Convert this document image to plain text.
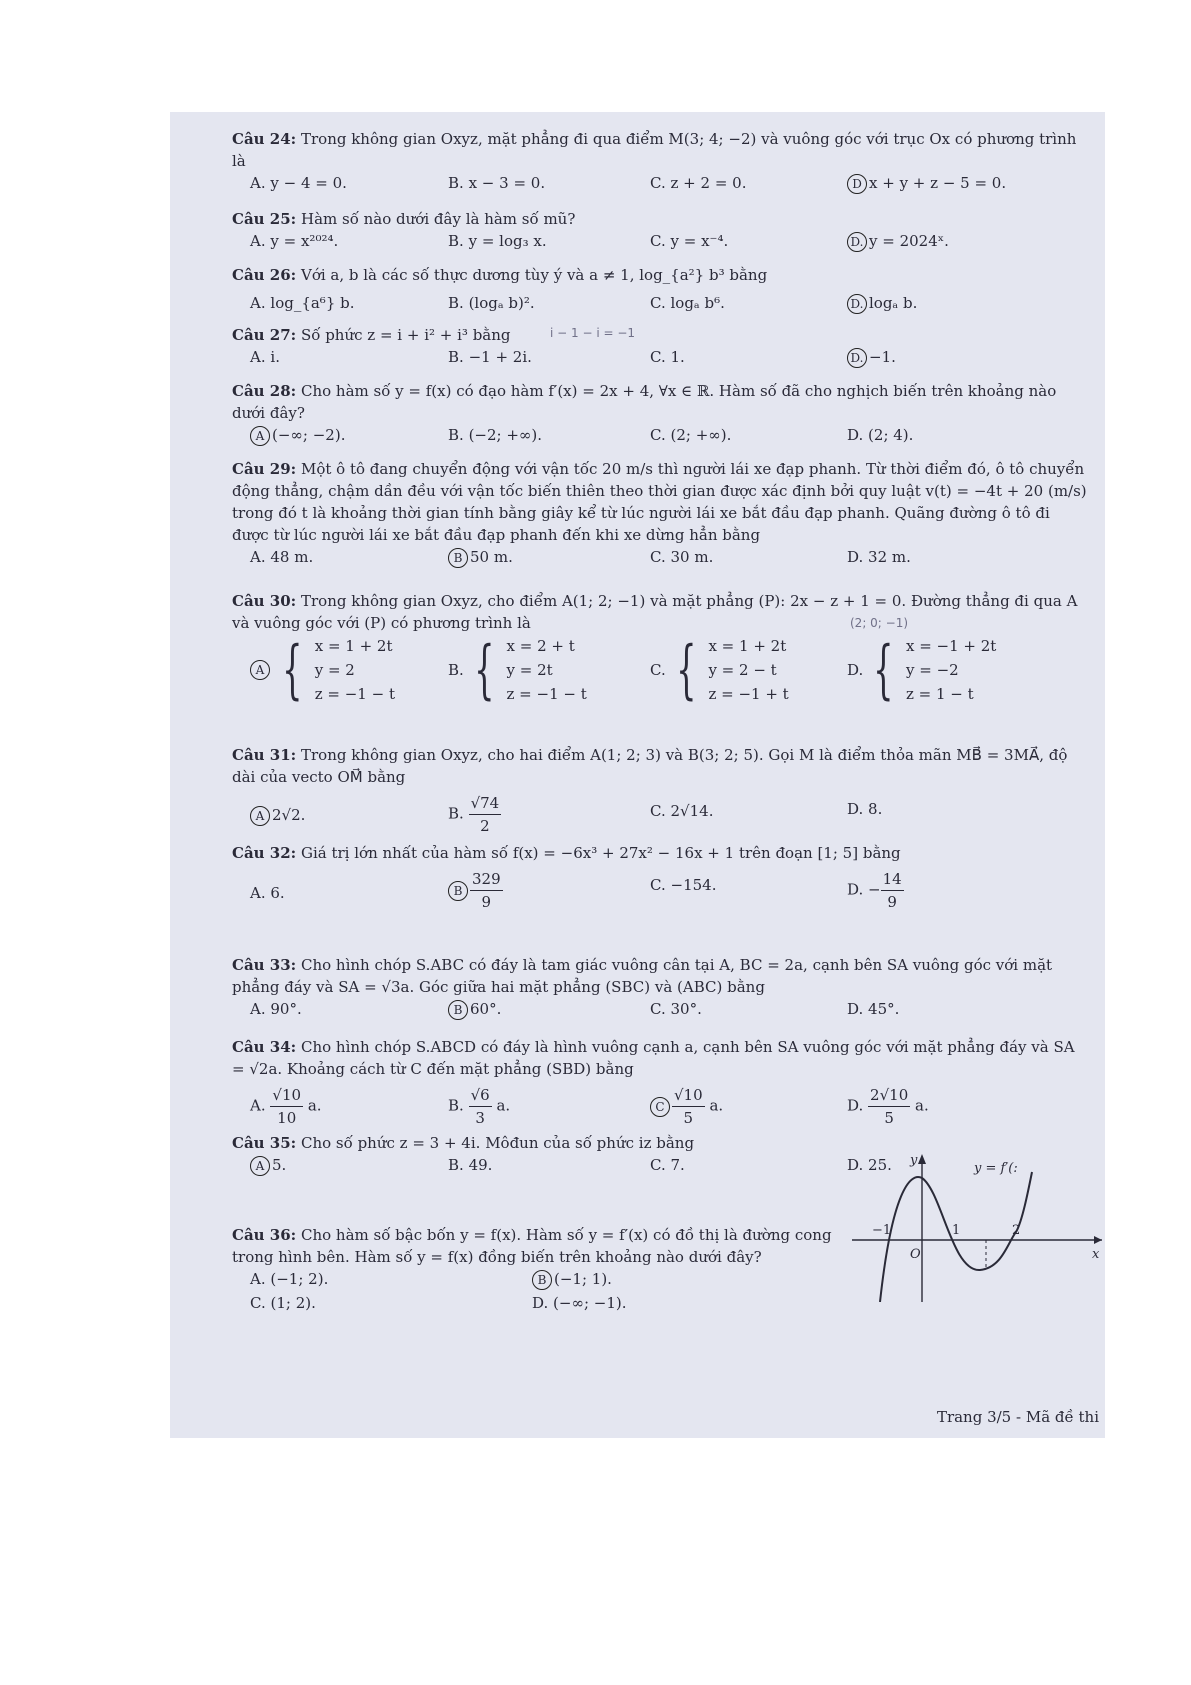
Câu 24: Trong không gian Oxyz, mặt phẳng đi qua điểm M(3; 4; −2) và vuông góc với trục Ox có phương trình là
A. y − 4 = 0.	B. x − 3 = 0.	C. z + 2 = 0.	D x + y + z − 5 = 0.
Câu 25: Hàm số nào dưới đây là hàm số mũ?
A. y = x²⁰²⁴.	B. y = log₃ x.	C. y = x⁻⁴.	D. y = 2024ˣ.
Câu 26: Với a, b là các số thực dương tùy ý và a ≠ 1, log_{a²} b³ bằng
A. log_{a⁶} b.	B. (logₐ b)².	C. logₐ b⁶.	D. logₐ b.
Câu 27: Số phức z = i + i² + i³ bằng
A. i.	B. −1 + 2i.	C. 1.	D. −1.
i − 1 − i = −1
Câu 28: Cho hàm số y = f(x) có đạo hàm f′(x) = 2x + 4, ∀x ∈ ℝ. Hàm số đã cho nghịch biến trên khoảng nào dưới đây?
A (−∞; −2).	B. (−2; +∞).	C. (2; +∞).	D. (2; 4).
Câu 29: Một ô tô đang chuyển động với vận tốc 20 m/s thì người lái xe đạp phanh. Từ thời điểm đó, ô tô chuyển động thẳng, chậm dần đều với vận tốc biến thiên theo thời gian được xác định bởi quy luật v(t) = −4t + 20 (m/s) trong đó t là khoảng thời gian tính bằng giây kể từ lúc người lái xe bắt đầu đạp phanh. Quãng đường ô tô đi được từ lúc người lái xe bắt đầu đạp phanh đến khi xe dừng hẳn bằng
A. 48 m.	B 50 m.	C. 30 m.	D. 32 m.
Câu 30: Trong không gian Oxyz, cho điểm A(1; 2; −1) và mặt phẳng (P): 2x − z + 1 = 0. Đường thẳng đi qua A và vuông góc với (P) có phương trình là
A { x = 1 + 2t
y = 2
z = −1 − t
B. { x = 2 + t
y = 2t
z = −1 − t
C. { x = 1 + 2t
y = 2 − t
z = −1 + t
D. { x = −1 + 2t
y = −2
z = 1 − t
(2; 0; −1)
Câu 31: Trong không gian Oxyz, cho hai điểm A(1; 2; 3) và B(3; 2; 5). Gọi M là điểm thỏa mãn MB⃗ = 3MA⃗, độ dài của vecto OM⃗ bằng
A 2√2.	B. $\frac{√74}{2}$	C. 2√14.	D. 8.
Câu 32: Giá trị lớn nhất của hàm số f(x) = −6x³ + 27x² − 16x + 1 trên đoạn [1; 5] bằng
A. 6.	B $\frac{329}{9}$	C. −154.	D. − $\frac{14}{9}$
Câu 33: Cho hình chóp S.ABC có đáy là tam giác vuông cân tại A, BC = 2a, cạnh bên SA vuông góc với mặt phẳng đáy và SA = √3a. Góc giữa hai mặt phẳng (SBC) và (ABC) bằng
A. 90°.	B 60°.	C. 30°.	D. 45°.
Câu 34: Cho hình chóp S.ABCD có đáy là hình vuông cạnh a, cạnh bên SA vuông góc với mặt phẳng đáy và SA = √2a. Khoảng cách từ C đến mặt phẳng (SBD) bằng
A. $\frac{√10}{10} a$.	B. $\frac{√6}{3} a$.	C $\frac{√10}{5} a$.	D. $\frac{2√10}{5} a$.
Câu 35: Cho số phức z = 3 + 4i. Môđun của số phức iz bằng
A 5.	B. 49.	C. 7.	D. 25.
Câu 36: Cho hàm số bậc bốn y = f(x). Hàm số y = f′(x) có đồ thị là đường cong trong hình bên. Hàm số y = f(x) đồng biến trên khoảng nào dưới đây?
A. (−1; 2).	B (−1; 1).
C. (1; 2).	D. (−∞; −1).
y
y = f′(:
x
O
−1	1	2
Trang 3/5 - Mã đề thi
